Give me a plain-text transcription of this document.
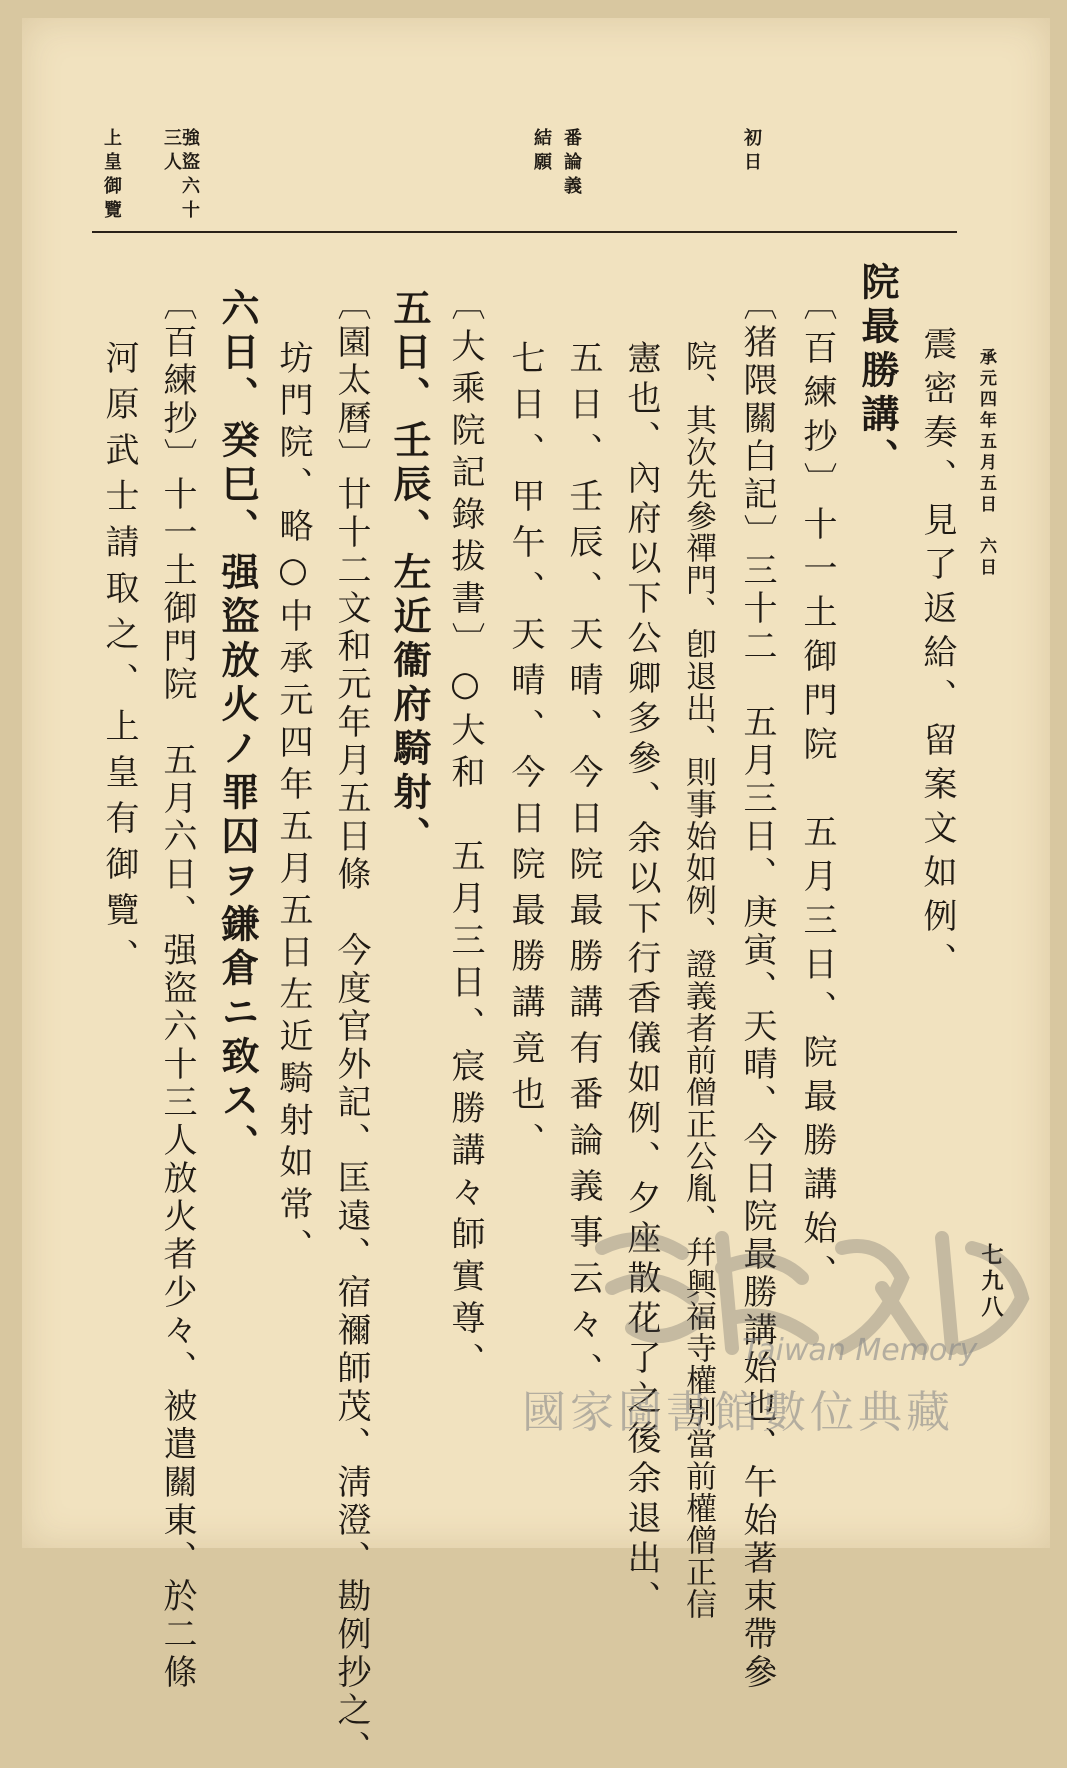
承元四年五月五日　六日
七九八
初日
番論義
結願
強盜六十三人
上皇御覽
震密奏、見了返給、留案文如例、
院最勝講、
〔百練抄〕十一土御門院　五月三日、院最勝講始、
〔猪隈關白記〕三十二　五月三日、庚寅、天晴、今日院最勝講始也、午始著束帶參
院、其次先參禪門、卽退出、則事始如例、證義者前僧正公胤、幷興福寺權別當前權僧正信
憲也、內府以下公卿多參、余以下行香儀如例、夕座散花了之後余退出、
五日、壬辰、天晴、今日院最勝講有番論義事云々、
七日、甲午、天晴、今日院最勝講竟也、
〔大乘院記錄拔書〕○大和　五月三日、宸勝講々師實尊、
五日、壬辰、左近衞府騎射、
〔園太曆〕廿十二文和元年月五日條　今度官外記、匡遠、宿禰師茂、淸澄、勘例抄之、
坊門院、略○中承元四年五月五日左近騎射如常、
六日、癸巳、强盜放火ノ罪囚ヲ鎌倉ニ致ス、
〔百練抄〕十一土御門院　五月六日、强盜六十三人放火者少々、被遣關東、於二條
河原武士請取之、上皇有御覽、
Taiwan Memory
國家圖書館數位典藏
